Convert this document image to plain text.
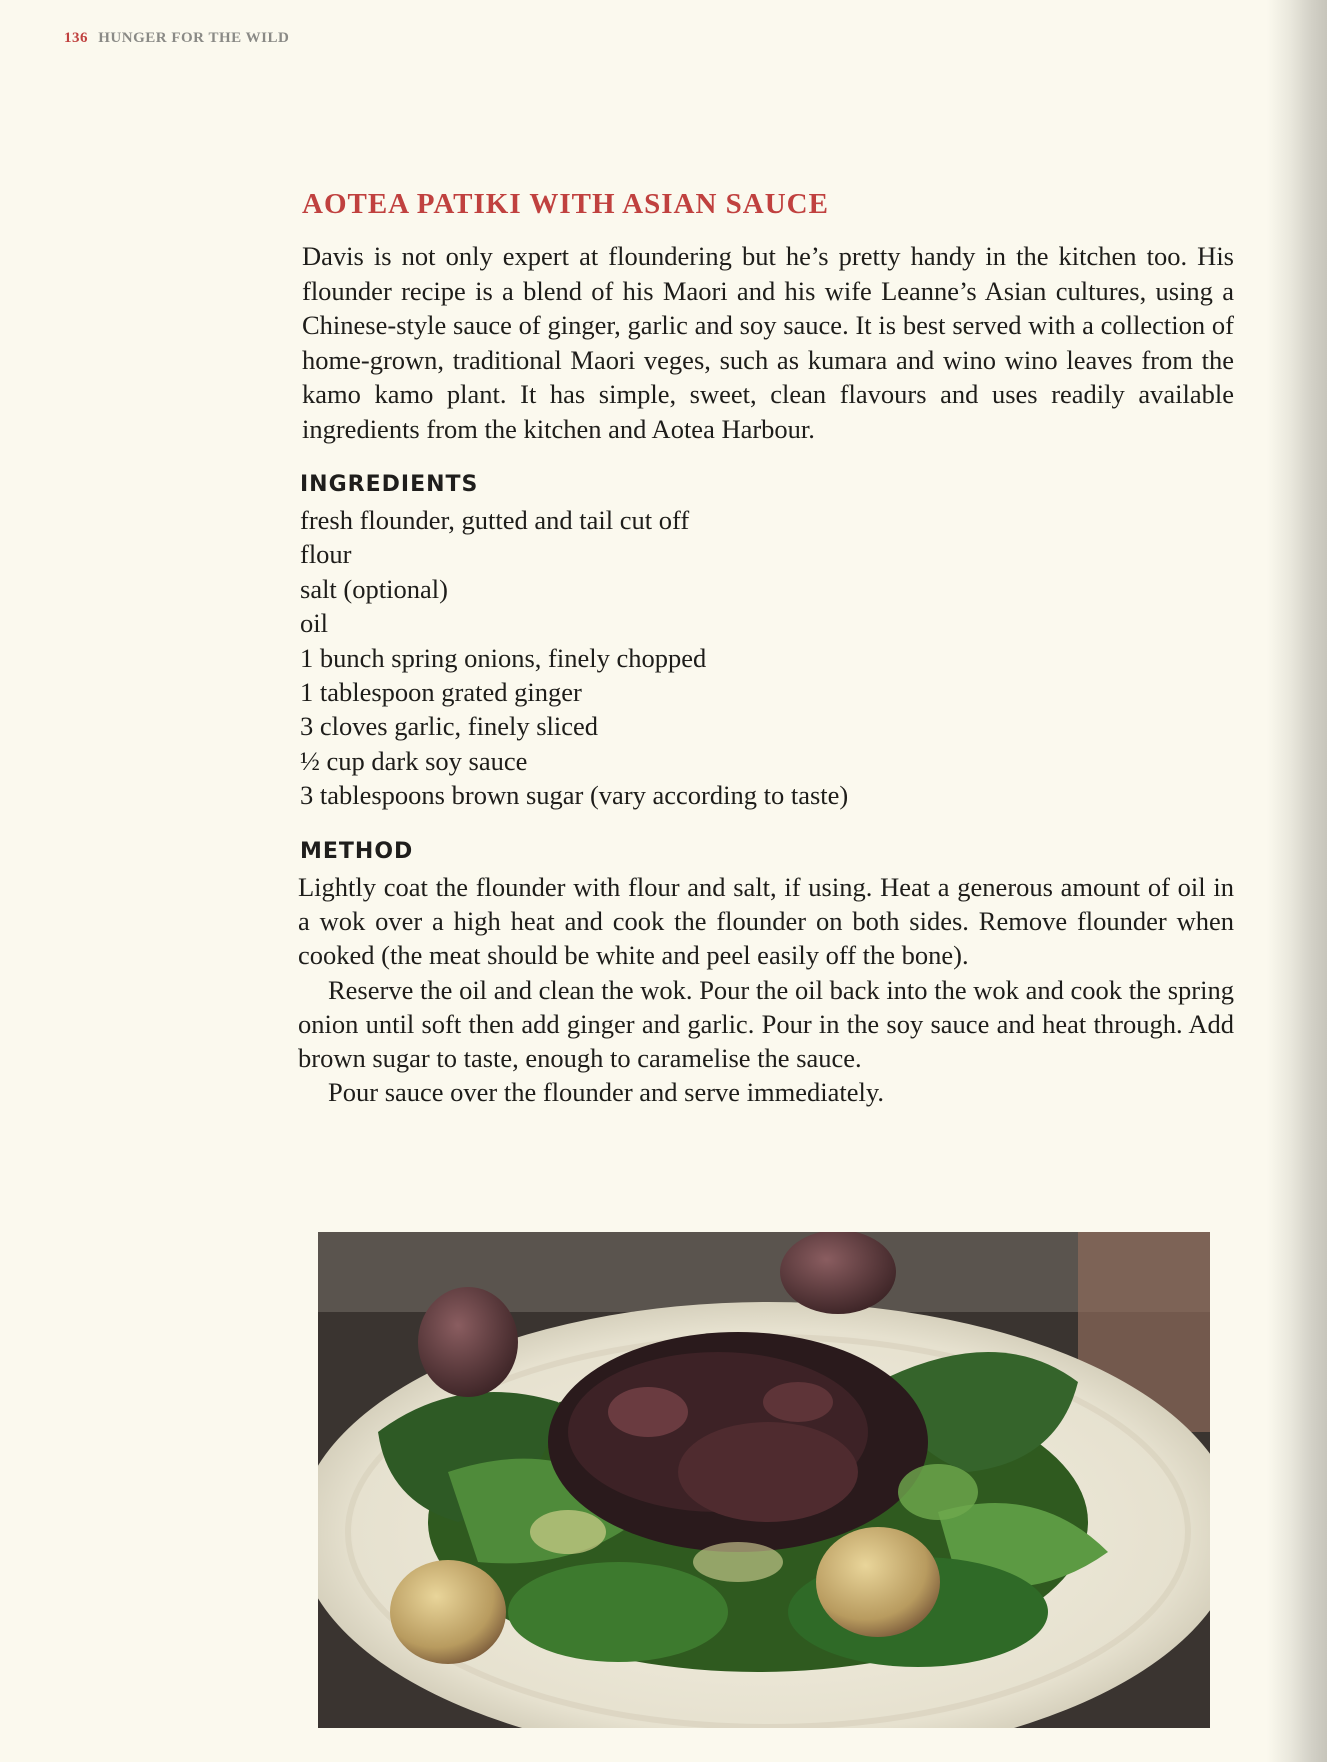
136 HUNGER FOR THE WILD
AOTEA PATIKI WITH ASIAN SAUCE

Davis is not only expert at floundering but he’s pretty handy in the kitchen too. His flounder recipe is a blend of his Maori and his wife Leanne’s Asian cultures, using a Chinese-style sauce of ginger, garlic and soy sauce. It is best served with a collection of home-grown, traditional Maori veges, such as kumara and wino wino leaves from the kamo kamo plant. It has simple, sweet, clean flavours and uses readily available ingredients from the kitchen and Aotea Harbour.

INGREDIENTS
fresh flounder, gutted and tail cut off
flour
salt (optional)
oil
1 bunch spring onions, finely chopped
1 tablespoon grated ginger
3 cloves garlic, finely sliced
½ cup dark soy sauce
3 tablespoons brown sugar (vary according to taste)
METHOD

Lightly coat the flounder with flour and salt, if using. Heat a generous amount of oil in a wok over a high heat and cook the flounder on both sides. Remove flounder when cooked (the meat should be white and peel easily off the bone).

Reserve the oil and clean the wok. Pour the oil back into the wok and cook the spring onion until soft then add ginger and garlic. Pour in the soy sauce and heat through. Add brown sugar to taste, enough to caramelise the sauce.

Pour sauce over the flounder and serve immediately.
